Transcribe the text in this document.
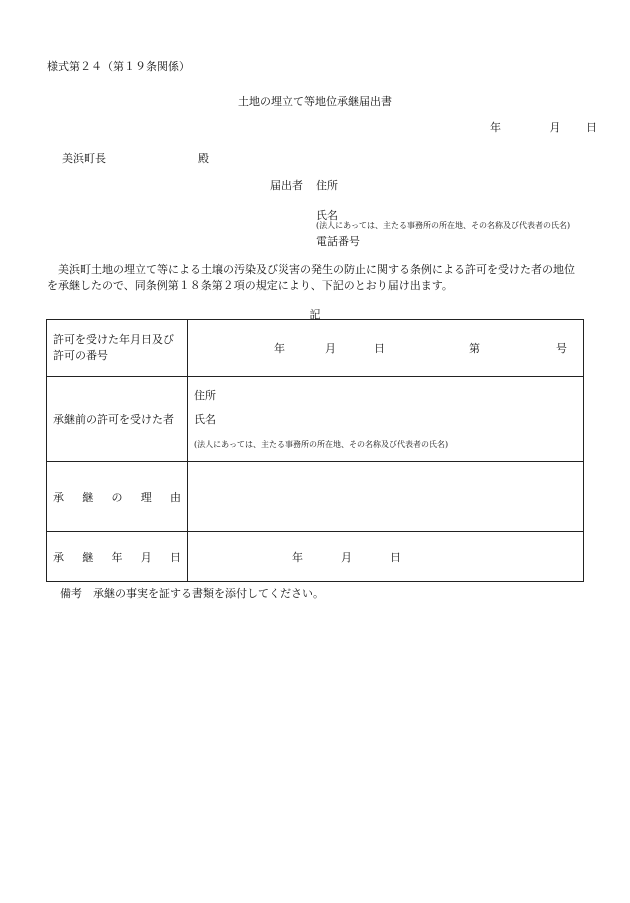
様式第２４（第１９条関係）
土地の埋立て等地位承継届出書
年	月 日
美浜町長	殿
届出者 住所
氏名
(法人にあっては、主たる事務所の所在地、その名称及び代表者の氏名)
電話番号
美浜町土地の埋立て等による土壌の汚染及び災害の発生の防止に関する条例による許可を受けた者の地位を承継したので、同条例第１８条第２項の規定により、下記のとおり届け出ます。
記
許可を受けた年月日及び許可の番号	年 月 日 第 号

承継前の許可を受けた者	住所
氏名
(法人にあっては、主たる事務所の所在地、その名称及び代表者の氏名)

承 継 の 理 由	

承 継 年 月 日	年 月 日
備考　承継の事実を証する書類を添付してください。
